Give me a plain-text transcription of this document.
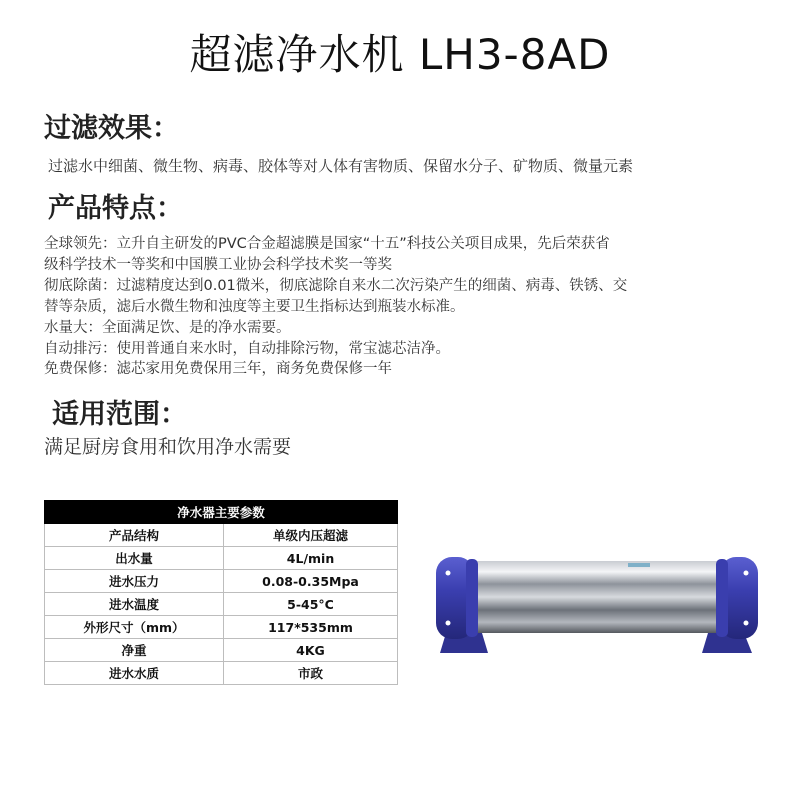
超滤净水机 LH3-8AD
过滤效果：
过滤水中细菌、微生物、病毒、胶体等对人体有害物质、保留水分子、矿物质、微量元素
产品特点：
全球领先：立升自主研发的PVC合金超滤膜是国家“十五”科技公关项目成果，先后荣获省
级科学技术一等奖和中国膜工业协会科学技术奖一等奖
彻底除菌：过滤精度达到0.01微米，彻底滤除自来水二次污染产生的细菌、病毒、铁锈、交
替等杂质，滤后水微生物和浊度等主要卫生指标达到瓶装水标准。
水量大：全面满足饮、是的净水需要。
自动排污：使用普通自来水时，自动排除污物，常宝滤芯洁净。
免费保修：滤芯家用免费保用三年，商务免费保修一年
适用范围：
满足厨房食用和饮用净水需要
净水器主要参数	
产品结构	单级内压超滤
出水量	4L/min
进水压力	0.08-0.35Mpa
进水温度	5-45°C
外形尺寸（mm）	117*535mm
净重	4KG
进水水质	市政
